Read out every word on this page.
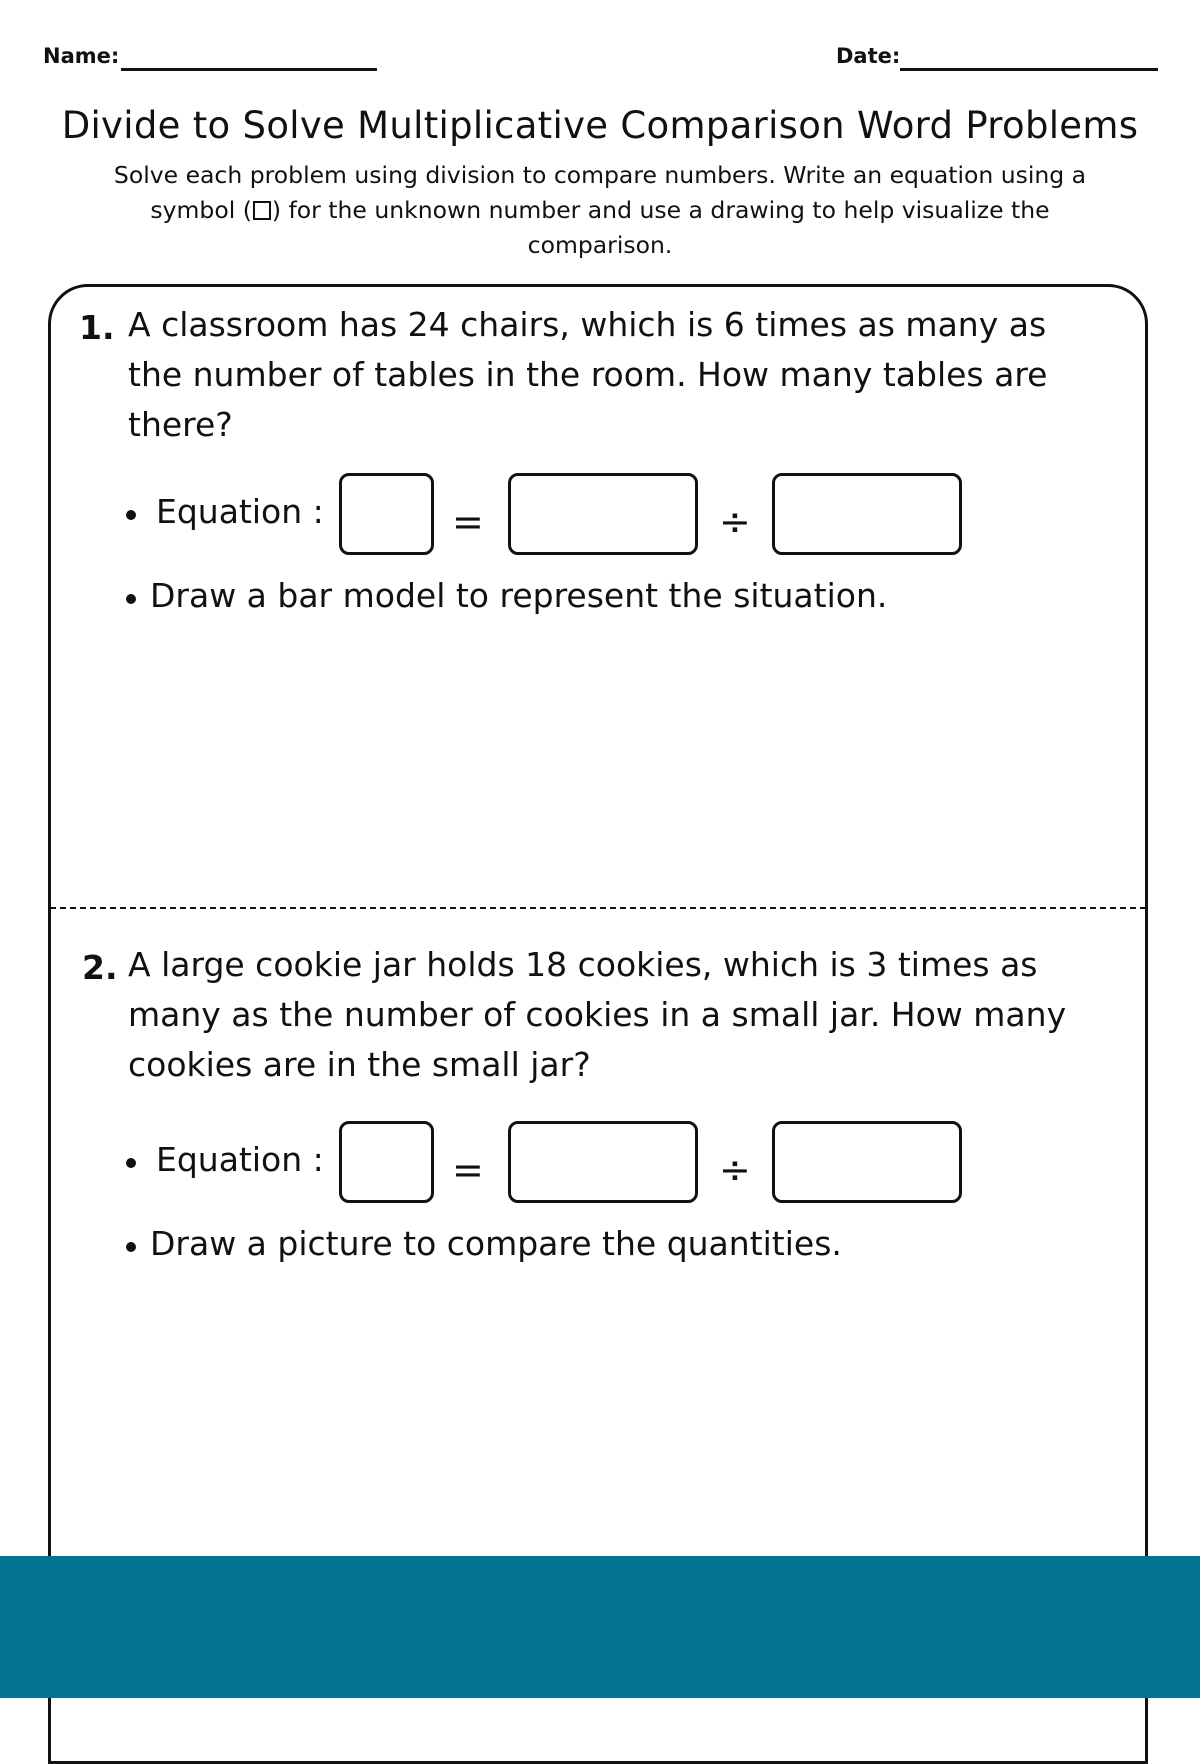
Name:	Date:
Divide to Solve Multiplicative Comparison Word Problems
Solve each problem using division to compare numbers. Write an equation using a symbol ( ) for the unknown number and use a drawing to help visualize the comparison.
1. A classroom has 24 chairs, which is 6 times as many as the number of tables in the room. How many tables are there?
Equation :	=	÷
Draw a bar model to represent the situation.
2. A large cookie jar holds 18 cookies, which is 3 times as many as the number of cookies in a small jar. How many cookies are in the small jar?
Equation :	=	÷
Draw a picture to compare the quantities.
